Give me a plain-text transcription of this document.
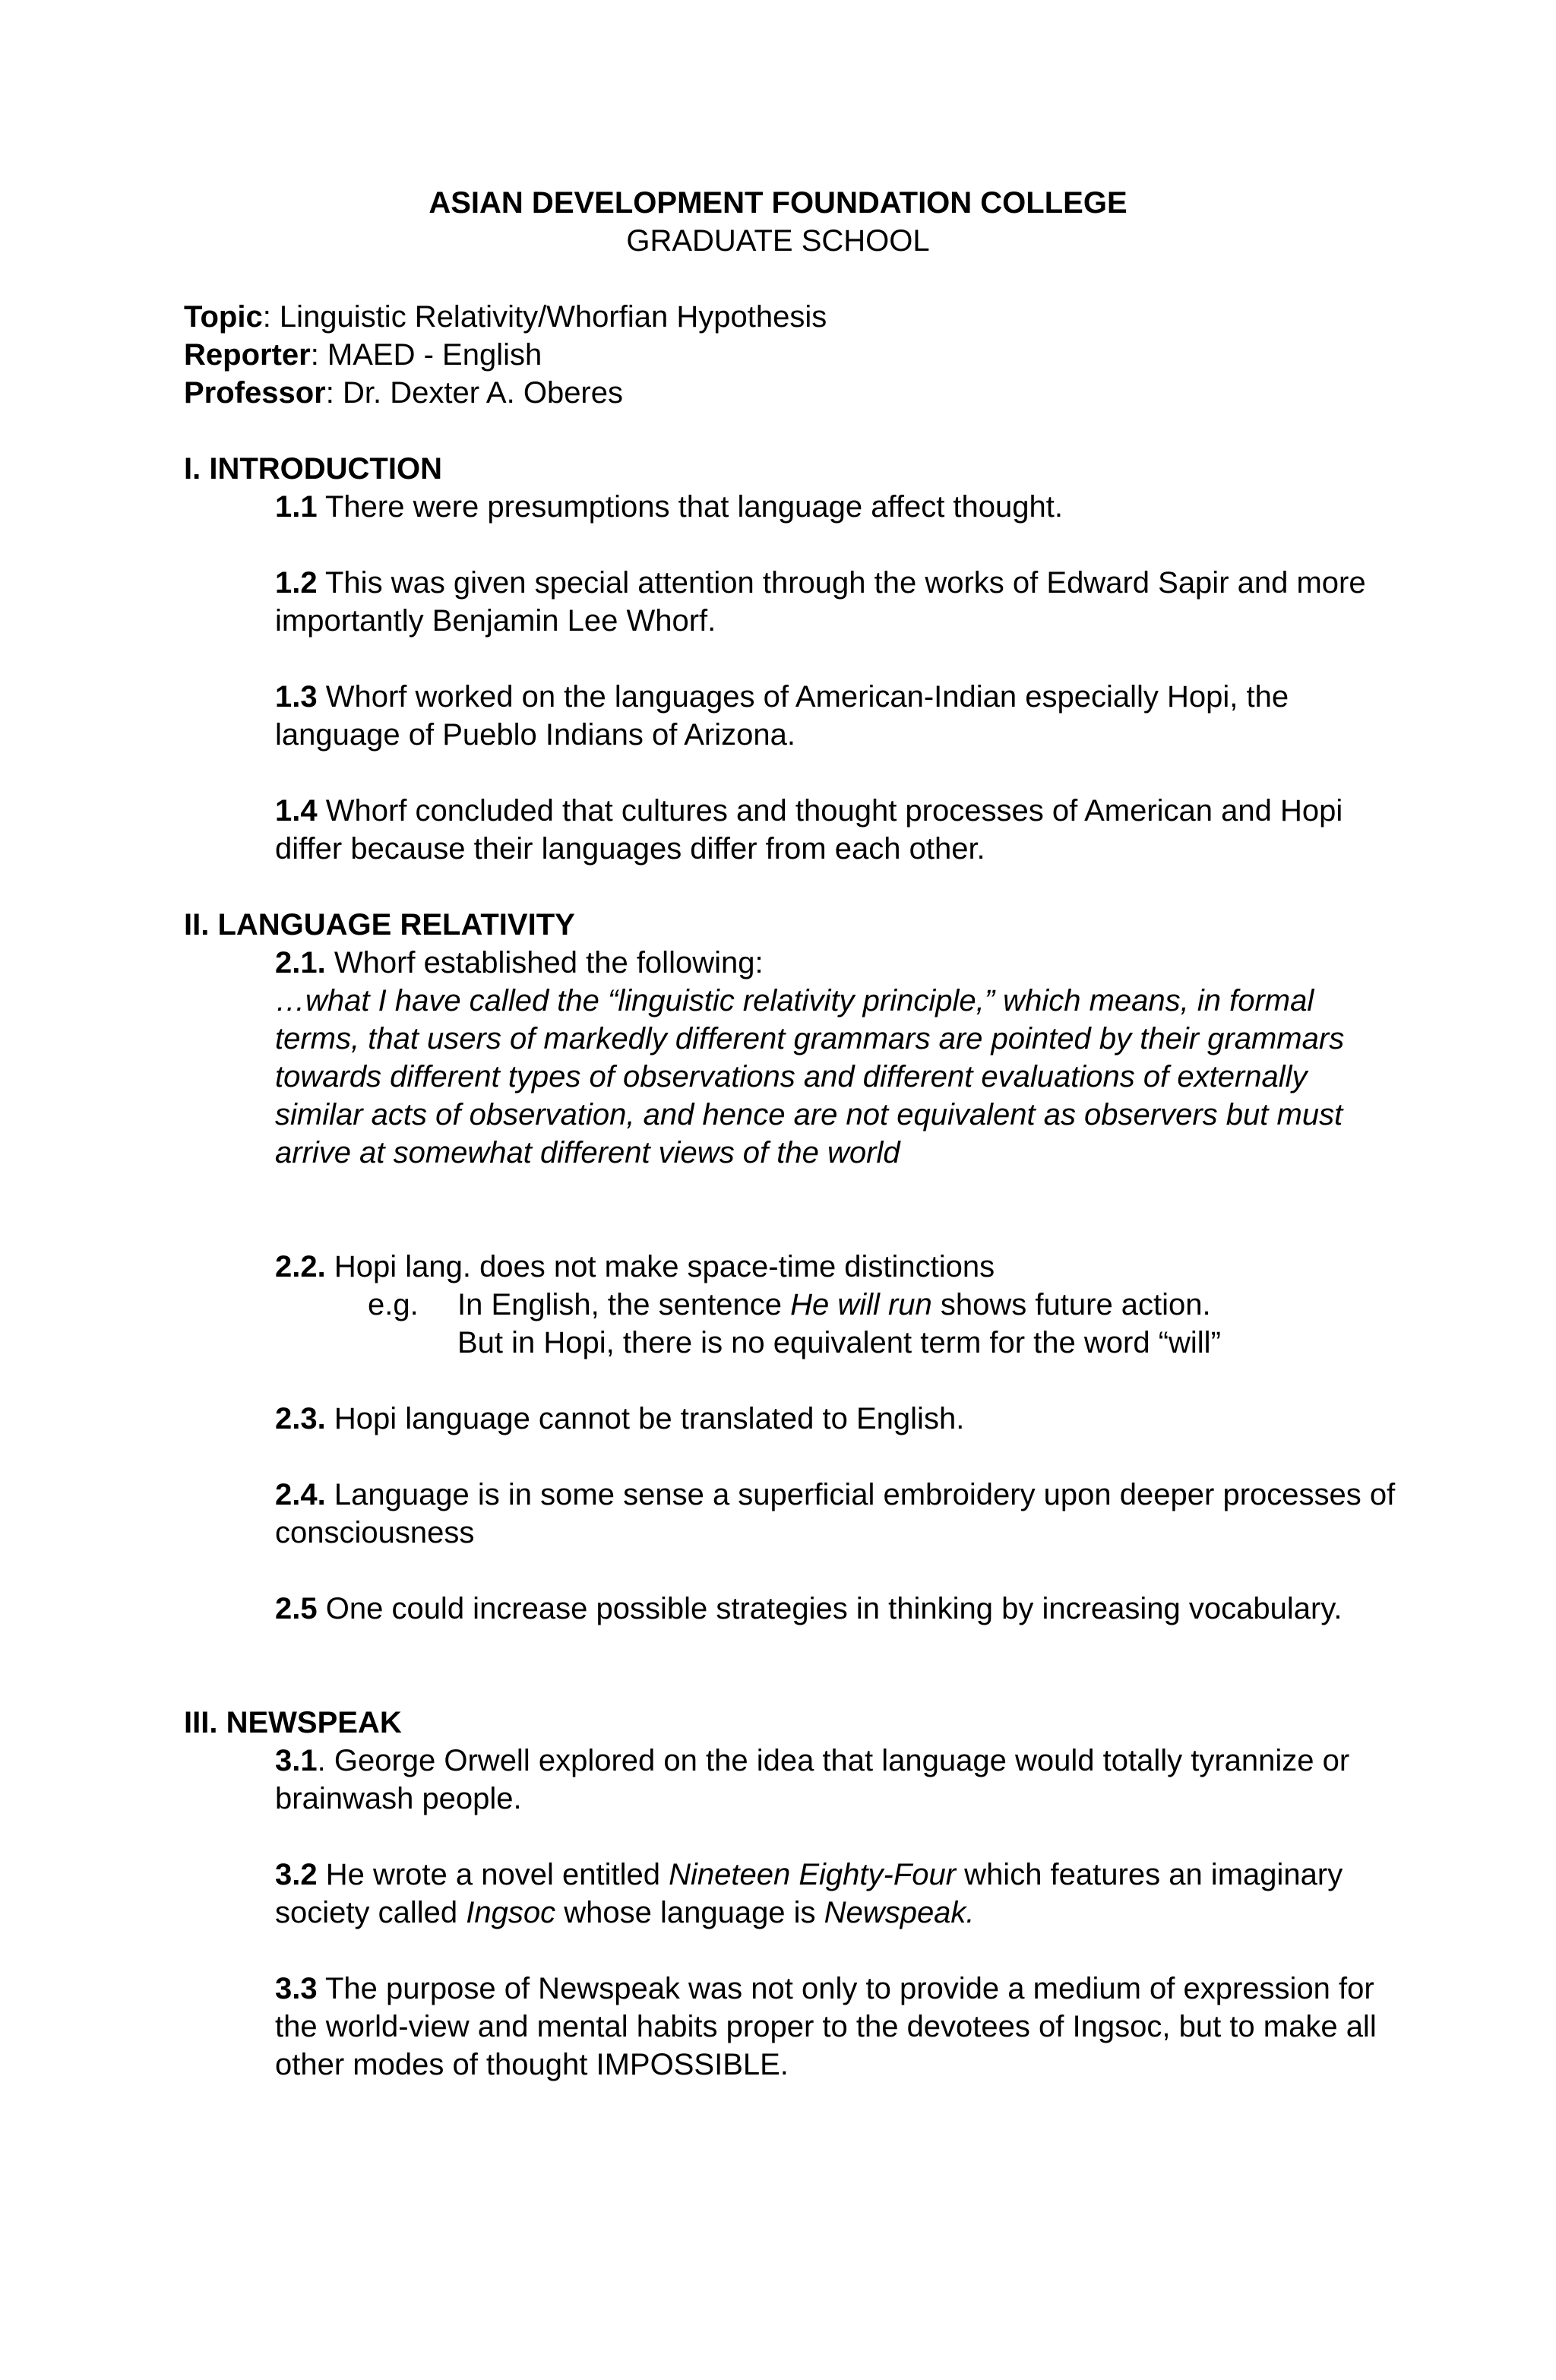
ASIAN DEVELOPMENT FOUNDATION COLLEGE
GRADUATE SCHOOL
Topic: Linguistic Relativity/Whorfian Hypothesis
Reporter: MAED - English
Professor: Dr. Dexter A. Oberes
I. INTRODUCTION
1.1 There were presumptions that language affect thought.
1.2 This was given special attention through the works of Edward Sapir and more importantly Benjamin Lee Whorf.
1.3 Whorf worked on the languages of American-Indian especially Hopi, the language of Pueblo Indians of Arizona.
1.4 Whorf concluded that cultures and thought processes of American and Hopi differ because their languages differ from each other.
II. LANGUAGE RELATIVITY
2.1. Whorf established the following:
…what I have called the “linguistic relativity principle,” which means, in formal terms, that users of markedly different grammars are pointed by their grammars towards different types of observations and different evaluations of externally similar acts of observation, and hence are not equivalent as observers but must arrive at somewhat different views of the world
2.2. Hopi lang. does not make space-time distinctions
e.g. In English, the sentence He will run shows future action.
But in Hopi, there is no equivalent term for the word “will”
2.3. Hopi language cannot be translated to English.
2.4. Language is in some sense a superficial embroidery upon deeper processes of consciousness
2.5 One could increase possible strategies in thinking by increasing vocabulary.
III. NEWSPEAK
3.1. George Orwell explored on the idea that language would totally tyrannize or brainwash people.
3.2 He wrote a novel entitled Nineteen Eighty-Four which features an imaginary society called Ingsoc whose language is Newspeak.
3.3 The purpose of Newspeak was not only to provide a medium of expression for the world-view and mental habits proper to the devotees of Ingsoc, but to make all other modes of thought IMPOSSIBLE.
